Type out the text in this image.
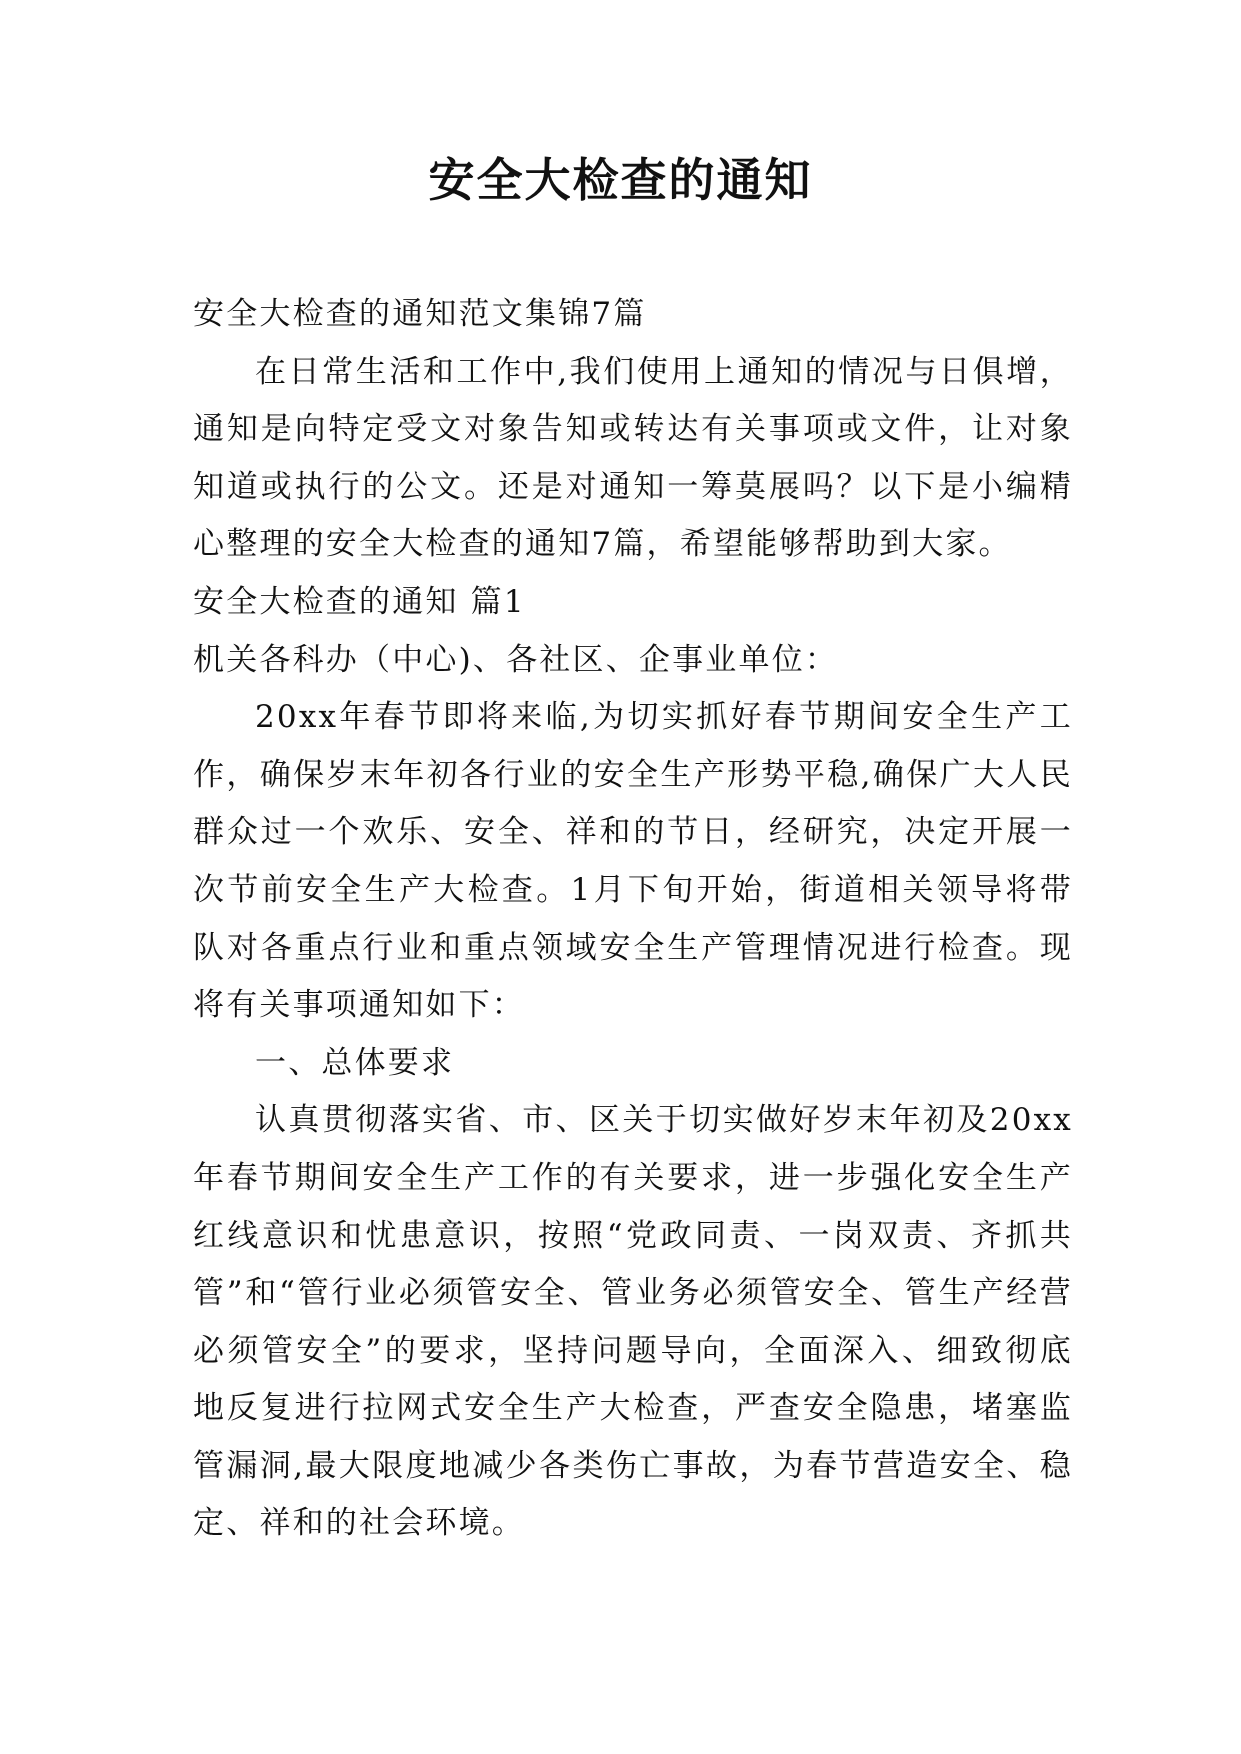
安全大检查的通知

安全大检查的通知范文集锦7篇

在日常生活和工作中,我们使用上通知的情况与日俱增，通知是向特定受文对象告知或转达有关事项或文件，让对象知道或执行的公文。还是对通知一筹莫展吗？以下是小编精心整理的安全大检查的通知7篇，希望能够帮助到大家。

安全大检查的通知 篇1

机关各科办（中心)、各社区、企事业单位：

20xx年春节即将来临,为切实抓好春节期间安全生产工作，确保岁末年初各行业的安全生产形势平稳,确保广大人民群众过一个欢乐、安全、祥和的节日，经研究，决定开展一次节前安全生产大检查。1月下旬开始，街道相关领导将带队对各重点行业和重点领域安全生产管理情况进行检查。现将有关事项通知如下：

一、总体要求

认真贯彻落实省、市、区关于切实做好岁末年初及20xx年春节期间安全生产工作的有关要求，进一步强化安全生产红线意识和忧患意识，按照“党政同责、一岗双责、齐抓共管”和“管行业必须管安全、管业务必须管安全、管生产经营必须管安全”的要求，坚持问题导向，全面深入、细致彻底地反复进行拉网式安全生产大检查，严查安全隐患，堵塞监管漏洞,最大限度地减少各类伤亡事故，为春节营造安全、稳定、祥和的社会环境。
